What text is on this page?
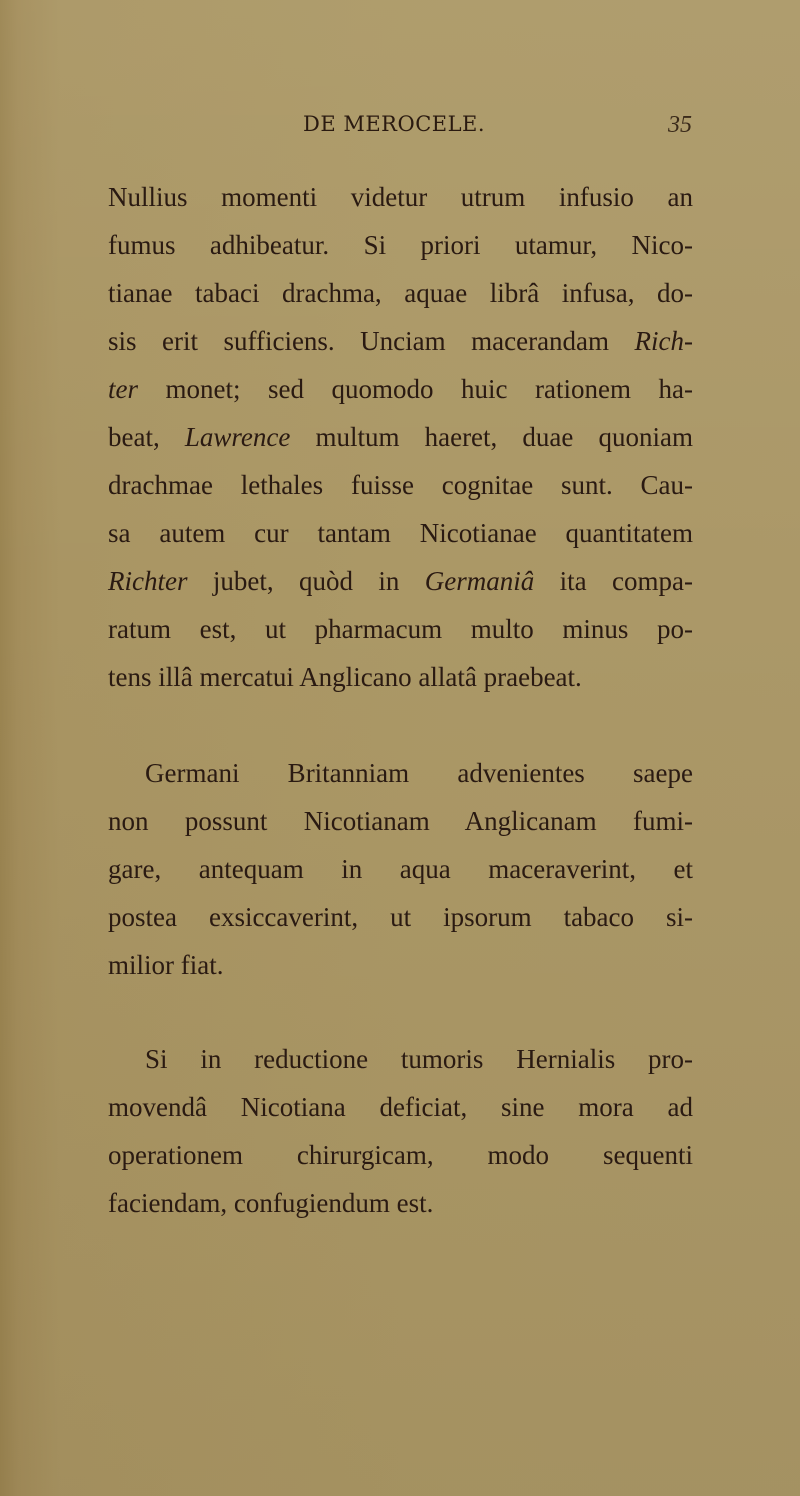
DE MEROCELE.	35
Nullius momenti videtur utrum infusio an
fumus adhibeatur. Si priori utamur, Nico-
tianae tabaci drachma, aquae librâ infusa, do-
sis erit sufficiens. Unciam macerandam Rich-
ter monet; sed quomodo huic rationem ha-
beat, Lawrence multum haeret, duae quoniam
drachmae lethales fuisse cognitae sunt. Cau-
sa autem cur tantam Nicotianae quantitatem
Richter jubet, quòd in Germaniâ ita compa-
ratum est, ut pharmacum multo minus po-
tens illâ mercatui Anglicano allatâ praebeat.
Germani Britanniam advenientes saepe
non possunt Nicotianam Anglicanam fumi-
gare, antequam in aqua maceraverint, et
postea exsiccaverint, ut ipsorum tabaco si-
milior fiat.
Si in reductione tumoris Hernialis pro-
movendâ Nicotiana deficiat, sine mora ad
operationem chirurgicam, modo sequenti
faciendam, confugiendum est.
